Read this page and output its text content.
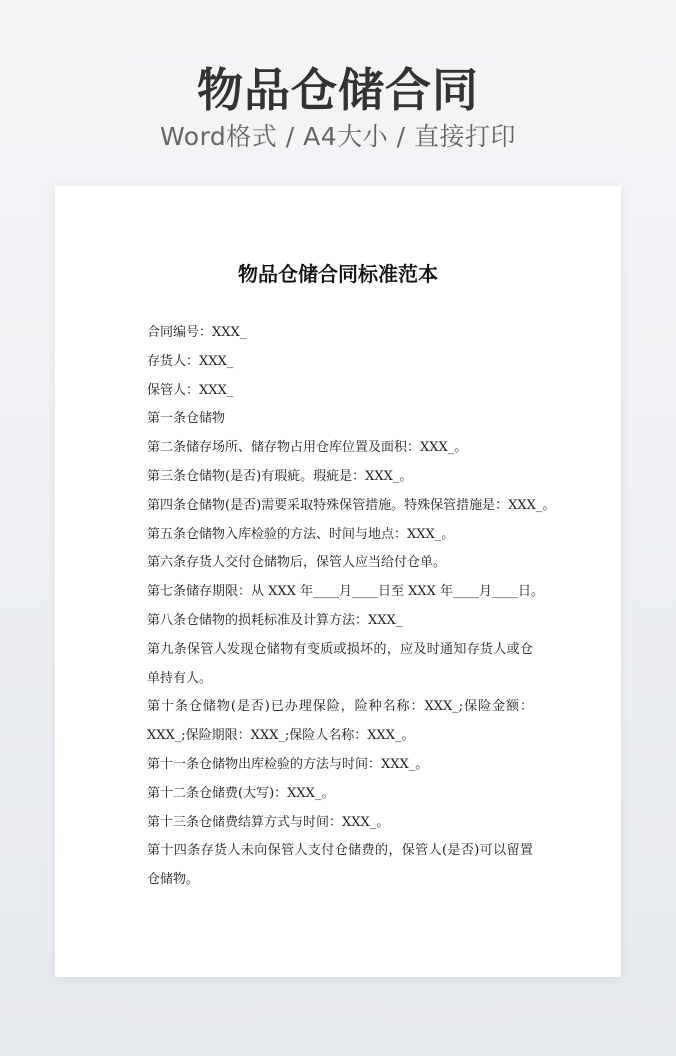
物品仓储合同
Word格式 / A4大小 / 直接打印
物品仓储合同标准范本
合同编号：XXX_
存货人：XXX_
保管人：XXX_
第一条仓储物
第二条储存场所、储存物占用仓库位置及面积：XXX_。
第三条仓储物(是否)有瑕疵。瑕疵是：XXX_。
第四条仓储物(是否)需要采取特殊保管措施。特殊保管措施是：XXX_。
第五条仓储物入库检验的方法、时间与地点：XXX_。
第六条存货人交付仓储物后，保管人应当给付仓单。
第七条储存期限：从 XXX 年____月____日至 XXX 年____月____日。
第八条仓储物的损耗标准及计算方法：XXX_
第九条保管人发现仓储物有变质或损坏的，应及时通知存货人或仓单持有人。
第十条仓储物(是否)已办理保险，险种名称：XXX_;保险金额：XXX_;保险期限：XXX_;保险人名称：XXX_。
第十一条仓储物出库检验的方法与时间：XXX_。
第十二条仓储费(大写)：XXX_。
第十三条仓储费结算方式与时间：XXX_。
第十四条存货人未向保管人支付仓储费的，保管人(是否)可以留置仓储物。
